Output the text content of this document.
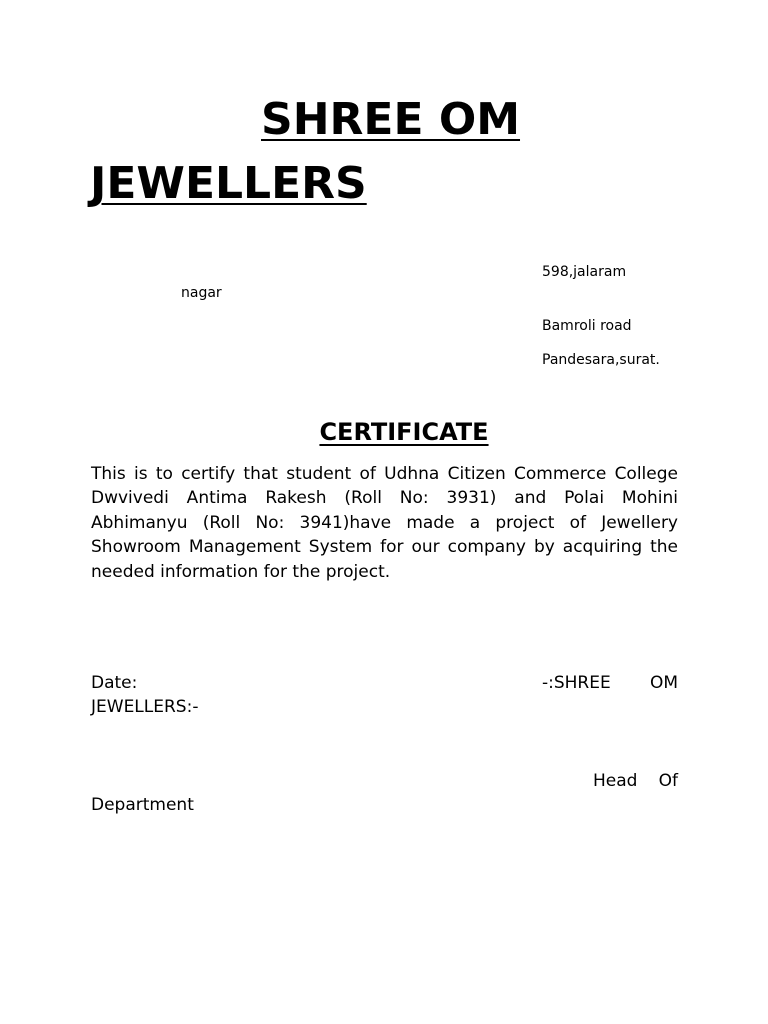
SHREE OM
JEWELLERS
598,jalaram
nagar
Bamroli road
Pandesara,surat.
CERTIFICATE

This is to certify that student of Udhna Citizen Commerce College Dwvivedi Antima Rakesh (Roll No: 3931) and Polai Mohini Abhimanyu (Roll No: 3941)have made a project of Jewellery Showroom Management System for our company by acquiring the needed information for the project.

Date:	-:SHREE OM
JEWELLERS:-
Head Of
Department
